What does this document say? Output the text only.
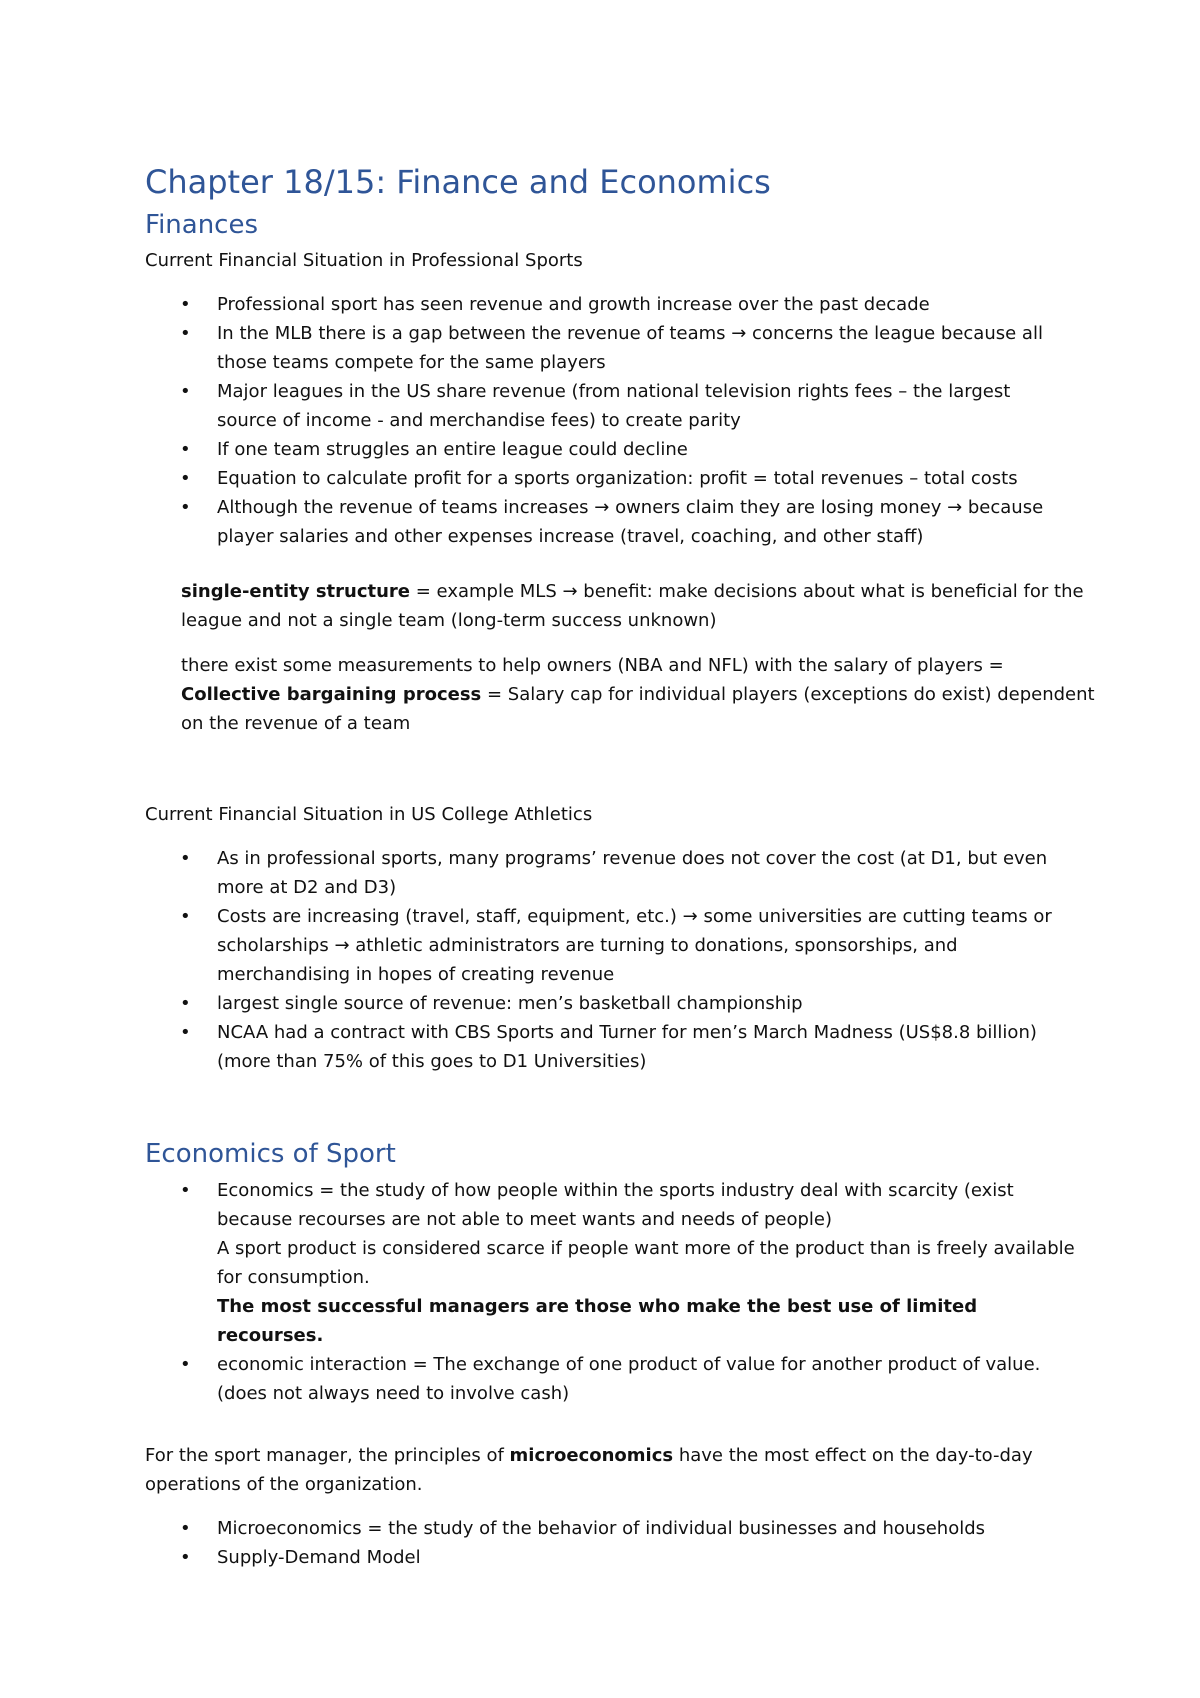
Chapter 18/15: Finance and Economics
Finances

Current Financial Situation in Professional Sports

• Professional sport has seen revenue and growth increase over the past decade
• In the MLB there is a gap between the revenue of teams → concerns the league because all those teams compete for the same players
• Major leagues in the US share revenue (from national television rights fees – the largest source of income - and merchandise fees) to create parity
• If one team struggles an entire league could decline
• Equation to calculate profit for a sports organization: profit = total revenues – total costs
• Although the revenue of teams increases → owners claim they are losing money → because player salaries and other expenses increase (travel, coaching, and other staff)

single-entity structure = example MLS → benefit: make decisions about what is beneficial for the league and not a single team (long-term success unknown)

there exist some measurements to help owners (NBA and NFL) with the salary of players =
Collective bargaining process = Salary cap for individual players (exceptions do exist) dependent on the revenue of a team

Current Financial Situation in US College Athletics

• As in professional sports, many programs’ revenue does not cover the cost (at D1, but even more at D2 and D3)
• Costs are increasing (travel, staff, equipment, etc.) → some universities are cutting teams or scholarships → athletic administrators are turning to donations, sponsorships, and merchandising in hopes of creating revenue
• largest single source of revenue: men’s basketball championship
• NCAA had a contract with CBS Sports and Turner for men’s March Madness (US$8.8 billion) (more than 75% of this goes to D1 Universities)
Economics of Sport
• Economics = the study of how people within the sports industry deal with scarcity (exist because recourses are not able to meet wants and needs of people)
A sport product is considered scarce if people want more of the product than is freely available for consumption.
The most successful managers are those who make the best use of limited recourses.
• economic interaction = The exchange of one product of value for another product of value. (does not always need to involve cash)

For the sport manager, the principles of microeconomics have the most effect on the day-to-day operations of the organization.

• Microeconomics = the study of the behavior of individual businesses and households
• Supply-Demand Model
